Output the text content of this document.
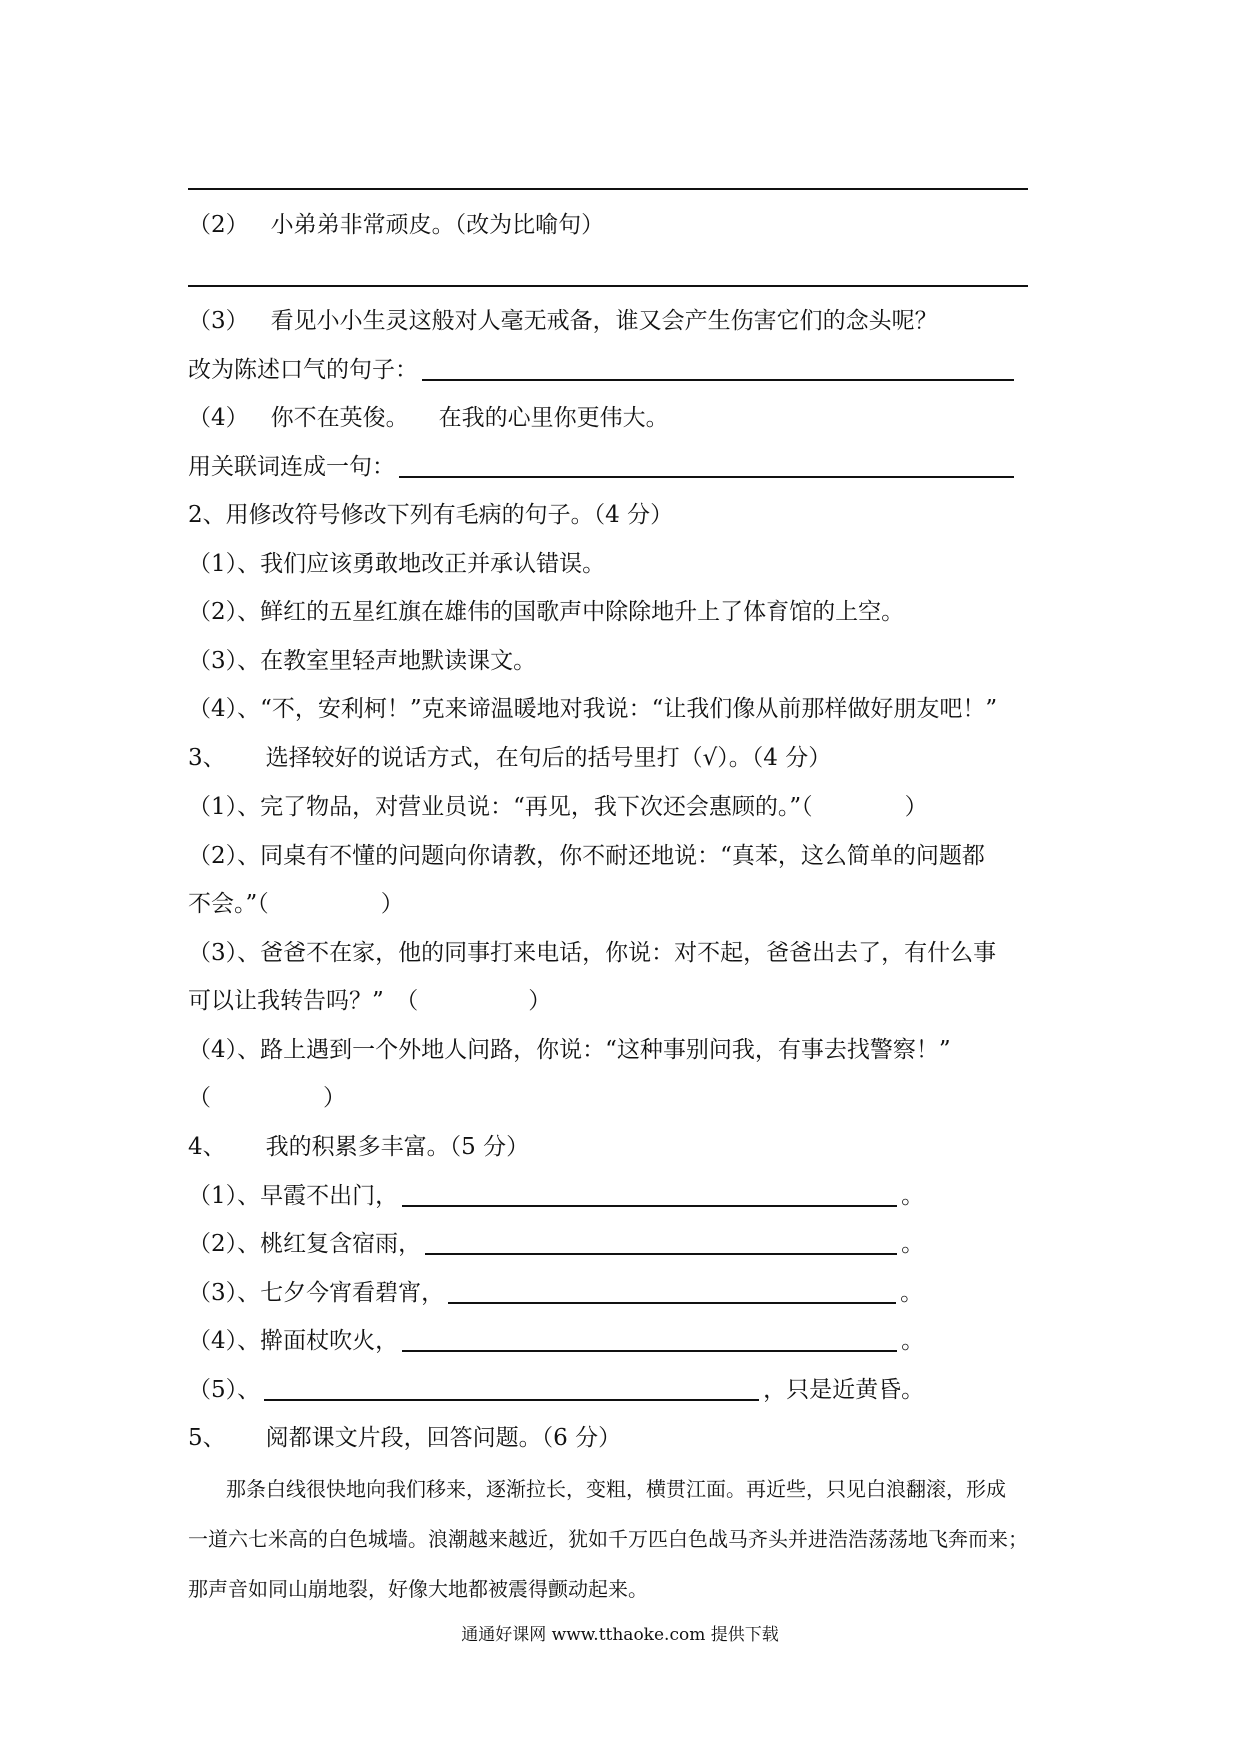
（2） 小弟弟非常顽皮。（改为比喻句）
（3） 看见小小生灵这般对人毫无戒备，谁又会产生伤害它们的念头呢？
改为陈述口气的句子：
（4） 你不在英俊。 在我的心里你更伟大。
用关联词连成一句：
2、用修改符号修改下列有毛病的句子。（4 分）
（1）、我们应该勇敢地改正并承认错误。
（2）、鲜红的五星红旗在雄伟的国歌声中除除地升上了体育馆的上空。
（3）、在教室里轻声地默读课文。
（4）、“不，安利柯！”克来谛温暖地对我说：“让我们像从前那样做好朋友吧！”
3、 选择较好的说话方式，在句后的括号里打（√）。（4 分）
（1）、完了物品，对营业员说：“再见，我下次还会惠顾的。”（	）
（2）、同桌有不懂的问题向你请教，你不耐还地说：“真苯，这么简单的问题都
不会。”（	）
（3）、爸爸不在家，他的同事打来电话，你说：对不起，爸爸出去了，有什么事
可以让我转告吗？”　（	）
（4）、路上遇到一个外地人问路，你说：“这种事别问我，有事去找警察！”
（	）
4、 我的积累多丰富。（5 分）
（1）、早霞不出门，	。
（2）、桃红复含宿雨，	。
（3）、七夕今宵看碧宵，	。
（4）、擀面杖吹火，	。
（5）、	，只是近黄昏。
5、 阅都课文片段，回答问题。（6 分）
那条白线很快地向我们移来，逐渐拉长，变粗，横贯江面。再近些，只见白浪翻滚，形成
一道六七米高的白色城墙。浪潮越来越近，犹如千万匹白色战马齐头并进浩浩荡荡地飞奔而来；
那声音如同山崩地裂，好像大地都被震得颤动起来。
通通好课网 www.tthaoke.com 提供下载
